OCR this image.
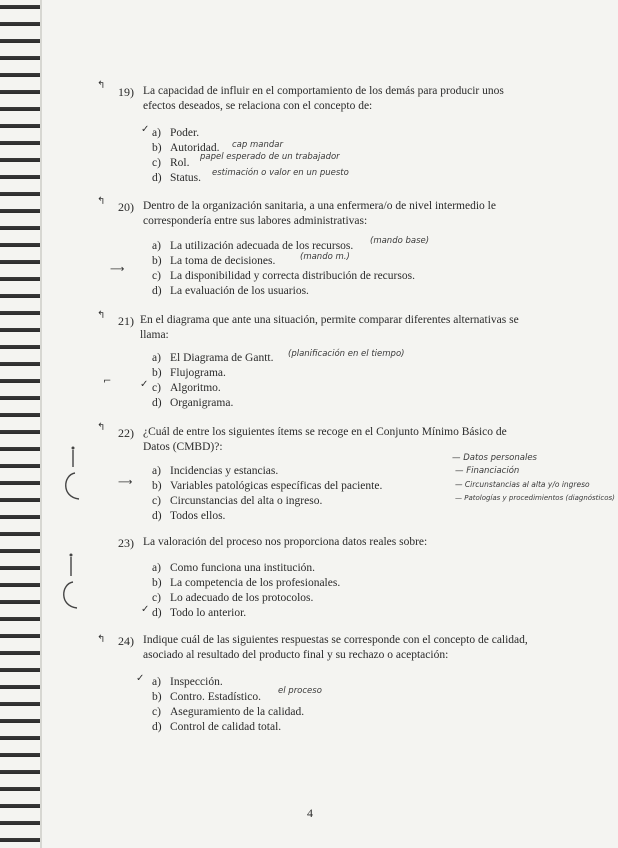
↰ 19) La capacidad de influir en el comportamiento de los demás para producir unos efectos deseados, se relaciona con el concepto de:
✓ a) Poder.
b) Autoridad. cap mandar
c) Rol. papel esperado de un trabajador
d) Status. estimación o valor en un puesto
↰ 20) Dentro de la organización sanitaria, a una enfermera/o de nivel intermedio le correspondería entre sus labores administrativas:
a) La utilización adecuada de los recursos. (mando base)
b) La toma de decisiones.	(mando m.)
⟶
c) La disponibilidad y correcta distribución de recursos.
d) La evaluación de los usuarios.
↰ 21) En el diagrama que ante una situación, permite comparar diferentes alternativas se llama:
a) El Diagrama de Gantt. (planificación en el tiempo)
b) Flujograma.
⌐	✓ c) Algoritmo.
d) Organigrama.
↰ 22) ¿Cuál de entre los siguientes ítems se recoge en el Conjunto Mínimo Básico de Datos (CMBD)?:
a) Incidencias y estancias.
⟶ b) Variables patológicas específicas del paciente.
c) Circunstancias del alta o ingreso.
d) Todos ellos.
— Datos personales
— Financiación
— Circunstancias al alta y/o ingreso
— Patologías y procedimientos (diagnósticos)
23) La valoración del proceso nos proporciona datos reales sobre:
a) Como funciona una institución.
b) La competencia de los profesionales.
c) Lo adecuado de los protocolos.
✓ d) Todo lo anterior.
↰ 24) Indique cuál de las siguientes respuestas se corresponde con el concepto de calidad, asociado al resultado del producto final y su rechazo o aceptación:
✓ a) Inspección.
b) Contro. Estadístico. el proceso
c) Aseguramiento de la calidad.
d) Control de calidad total.
4
